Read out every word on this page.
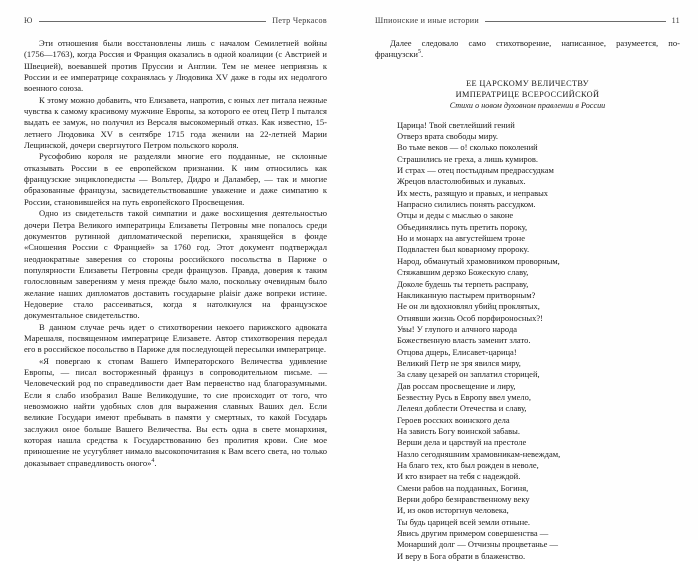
Ю	Петр Черкасов

Эти отношения были восстановлены лишь с началом Семилетней войны (1756—1763), когда Россия и Франция оказались в одной коалиции (с Австрией и Швецией), воевавшей против Пруссии и Англии. Тем не менее неприязнь к России и ее императрице сохранялась у Людовика XV даже в годы их недолгого военного союза.

К этому можно добавить, что Елизавета, напротив, с юных лет питала нежные чувства к самому красивому мужчине Европы, за которого ее отец Петр I пытался выдать ее замуж, но получил из Версаля высокомерный отказ. Как известно, 15-летнего Людовика XV в сентябре 1715 года женили на 22-летней Марии Лещинской, дочери свергнутого Петром польского короля.

Русофобию короля не разделяли многие его подданные, не склонные отказывать России в ее европейском признании. К ним относились как французские энциклопедисты — Вольтер, Дидро и Даламбер, — так и многие образованные французы, засвидетельствовавшие уважение и даже симпатию к России, становившейся на путь европейского Просвещения.

Одно из свидетельств такой симпатии и даже восхищения деятельностью дочери Петра Великого императрицы Елизаветы Петровны мне попалось среди документов рутинной дипломатической переписки, хранящейся в фонде «Сношения России с Францией» за 1760 год. Этот документ подтверждал неоднократные заверения со стороны российского посольства в Париже о популярности Елизаветы Петровны среди французов. Правда, доверия к таким голословным заверениям у меня прежде было мало, поскольку очевидным было желание наших дипломатов доставить государыне plaisir даже вопреки истине. Недоверие стало рассеиваться, когда я натолкнулся на французское документальное свидетельство.

В данном случае речь идет о стихотворении некоего парижского адвоката Марешаля, посвященном императрице Елизавете. Автор стихотворения передал его в российское посольство в Париже для последующей пересылки императрице.

«Я повергаю к стопам Вашего Императорского Величества удивление Европы, — писал восторженный француз в сопроводительном письме. — Человеческий род по справедливости дает Вам первенство над благоразумными. Если я слабо изобразил Ваше Великодушие, то сие происходит от того, что невозможно найти удобных слов для выражения славных Ваших дел. Если великие Государи имеют пребывать в памяти у смертных, то какой Государь заслужил оное больше Вашего Величества. Вы есть одна в свете монархиня, которая нашла средства к Государствованию без пролития крови. Сие мое приношение не усугубляет нимало высокопочитания к Вам всего света, но только доказывает справедливость оного»$^4$.

Шпионские и иные истории	11

Далее следовало само стихотворение, написанное, разумеется, по-французски$^5$.

ЕЕ ЦАРСКОМУ ВЕЛИЧЕСТВУ
ИМПЕРАТРИЦЕ ВСЕРОССИЙСКОЙ
Стихи о новом духовном правлении в России
Царица! Твой светлейший гений
Отверз врата свободы миру.
Во тьме веков — о! сколько поколений
Страшились не греха, а лишь кумиров.
И страх — отец постыдным предрассудкам
Жрецов властолюбивых и лукавых.
Их месть, разящую и правых, и неправых
Напрасно силились понять рассудком.
Отцы и деды с мыслью о законе
Объединялись путь претить пороку,
Но и монарх на августейшем троне
Подвластен был коварному пророку.
Народ, обманутый храмовником проворным,
Стяжавшим дерзко Божескую славу,
Доколе будешь ты терпеть расправу,
Накликанную пастырем притворным?
Не он ли вдохновлял убийц проклятых,
Отнявши жизнь Особ порфироносных?!
Увы! У глупого и алчного народа
Божественную власть заменит злато.
Отцова дщерь, Елисавет-царица!
Великий Петр не зря явился миру,
За славу цезарей он заплатил сторицей,
Дав россам просвещение и лиру,
Безвестну Русь в Европу ввел умело,
Лелеял доблести Отечества и славу,
Героев росских воинского дела
На зависть Богу воинской забавы.
Верши дела и царствуй на престоле
Назло сегодняшним храмовникам-невеждам,
На благо тех, кто был рожден в неволе,
И кто взирает на тебя с надеждой.
Смени рабов на подданных, Богиня,
Верни добро безнравственному веку
И, из оков исторгнув человека,
Ты будь царицей всей земли отныне.
Явись другим примером совершенства —
Монарший долг — Отчизны процветанье —
И веру в Бога обрати в блаженство.
